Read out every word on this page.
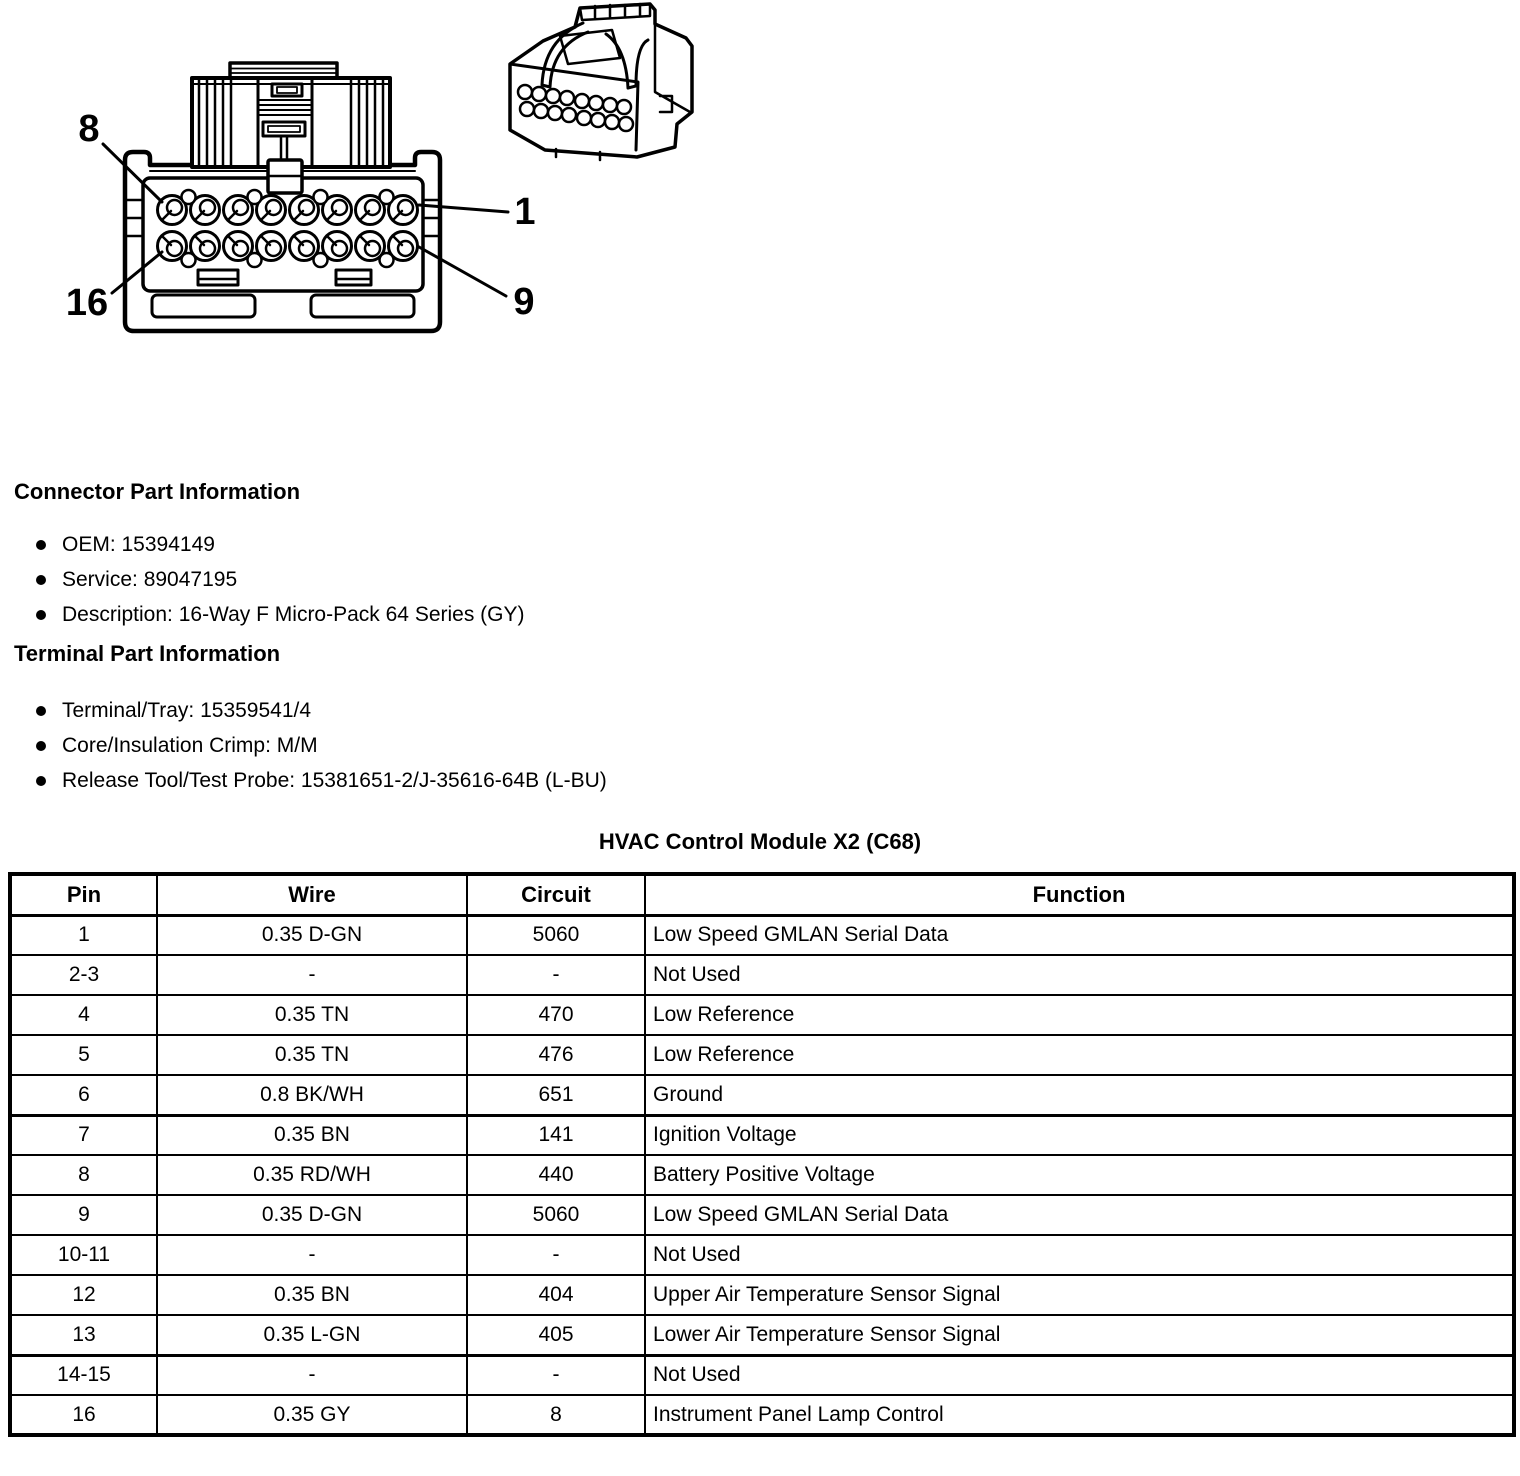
8
1
16	9
Connector Part Information
OEM: 15394149
Service: 89047195
Description: 16-Way F Micro-Pack 64 Series (GY)
Terminal Part Information
Terminal/Tray: 15359541/4
Core/Insulation Crimp: M/M
Release Tool/Test Probe: 15381651-2/J-35616-64B (L-BU)
HVAC Control Module X2 (C68)
Pin	Wire	Circuit	Function
1	0.35 D-GN	5060	Low Speed GMLAN Serial Data
2-3	-	-	Not Used
4	0.35 TN	470	Low Reference
5	0.35 TN	476	Low Reference
6	0.8 BK/WH	651	Ground
7	0.35 BN	141	Ignition Voltage
8	0.35 RD/WH	440	Battery Positive Voltage
9	0.35 D-GN	5060	Low Speed GMLAN Serial Data
10-11	-	-	Not Used
12	0.35 BN	404	Upper Air Temperature Sensor Signal
13	0.35 L-GN	405	Lower Air Temperature Sensor Signal
14-15	-	-	Not Used
16	0.35 GY	8	Instrument Panel Lamp Control
